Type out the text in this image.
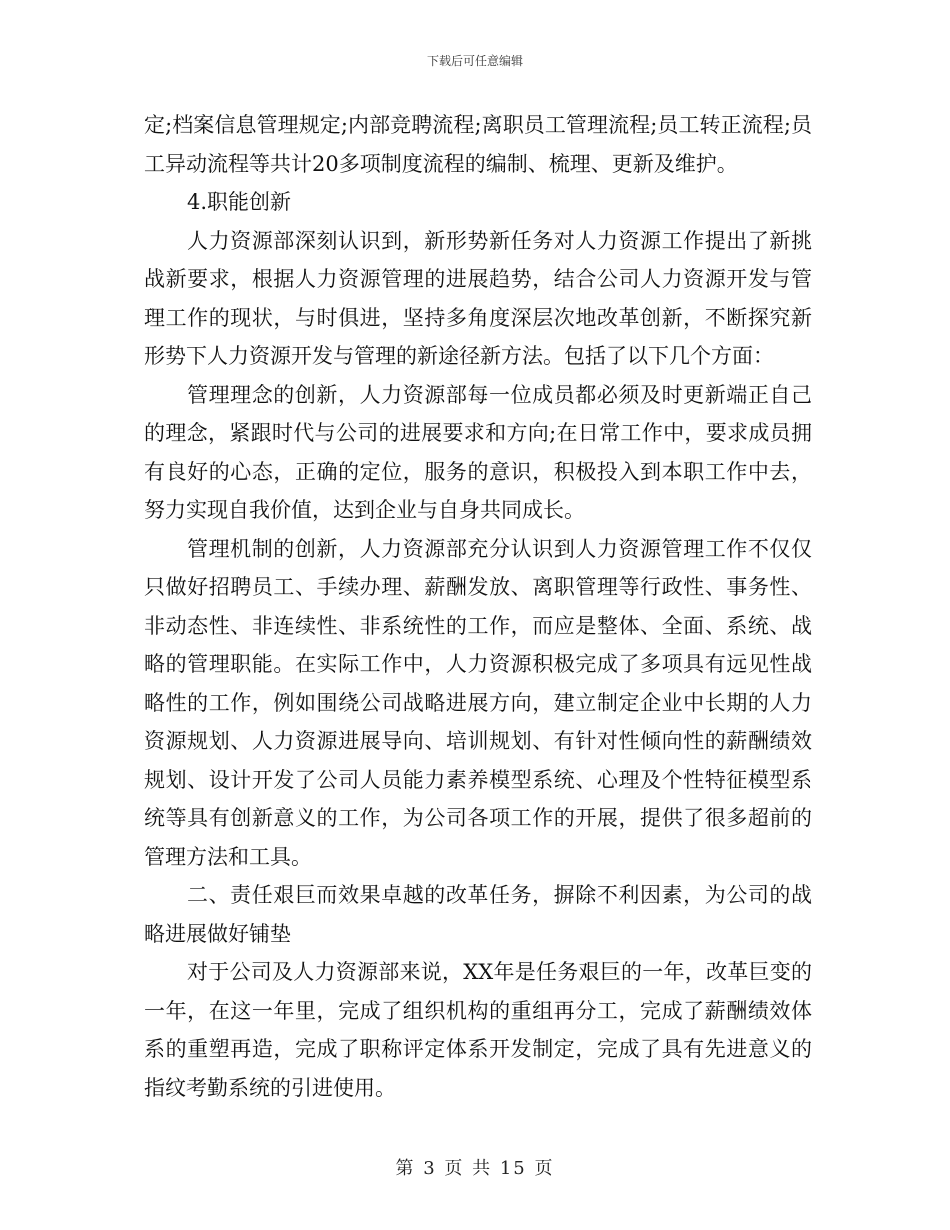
下载后可任意编辑

定;档案信息管理规定;内部竞聘流程;离职员工管理流程;员工转正流程;员工异动流程等共计20多项制度流程的编制、梳理、更新及维护。

4.职能创新

人力资源部深刻认识到，新形势新任务对人力资源工作提出了新挑战新要求，根据人力资源管理的进展趋势，结合公司人力资源开发与管理工作的现状，与时俱进，坚持多角度深层次地改革创新，不断探究新形势下人力资源开发与管理的新途径新方法。包括了以下几个方面：

管理理念的创新，人力资源部每一位成员都必须及时更新端正自己的理念，紧跟时代与公司的进展要求和方向;在日常工作中，要求成员拥有良好的心态，正确的定位，服务的意识，积极投入到本职工作中去，努力实现自我价值，达到企业与自身共同成长。

管理机制的创新，人力资源部充分认识到人力资源管理工作不仅仅只做好招聘员工、手续办理、薪酬发放、离职管理等行政性、事务性、非动态性、非连续性、非系统性的工作，而应是整体、全面、系统、战略的管理职能。在实际工作中，人力资源积极完成了多项具有远见性战略性的工作，例如围绕公司战略进展方向，建立制定企业中长期的人力资源规划、人力资源进展导向、培训规划、有针对性倾向性的薪酬绩效规划、设计开发了公司人员能力素养模型系统、心理及个性特征模型系统等具有创新意义的工作，为公司各项工作的开展，提供了很多超前的管理方法和工具。

二、责任艰巨而效果卓越的改革任务，摒除不利因素，为公司的战略进展做好铺垫

对于公司及人力资源部来说，XX年是任务艰巨的一年，改革巨变的一年，在这一年里，完成了组织机构的重组再分工，完成了薪酬绩效体系的重塑再造，完成了职称评定体系开发制定，完成了具有先进意义的指纹考勤系统的引进使用。

第 3 页 共 15 页
